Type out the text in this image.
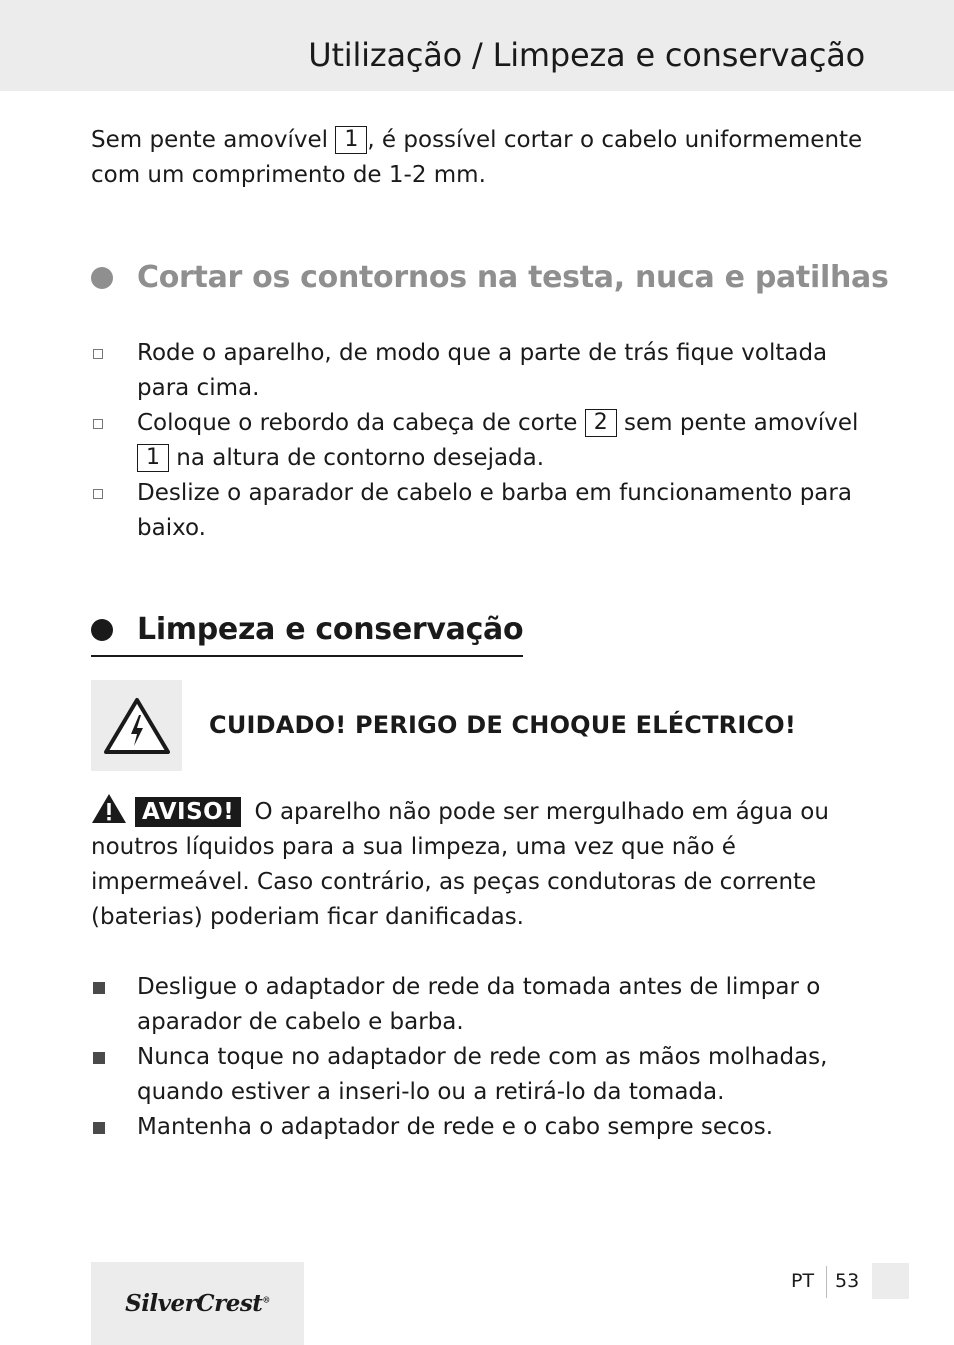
Utilização / Limpeza e conservação

Sem pente amovível 1 , é possível cortar o cabelo uniformemente com um comprimento de 1-2 mm.

Cortar os contornos na testa, nuca e patilhas
Rode o aparelho, de modo que a parte de trás fique voltada para cima.
Coloque o rebordo da cabeça de corte 2 sem pente amovível 1 na altura de contorno desejada.
Deslize o aparador de cabelo e barba em funcionamento para baixo.
Limpeza e conservação
CUIDADO! PERIGO DE CHOQUE ELÉCTRICO!

AVISO! O aparelho não pode ser mergulhado em água ou noutros líquidos para a sua limpeza, uma vez que não é impermeável. Caso contrário, as peças condutoras de corrente (baterias) poderiam ficar danificadas.

Desligue o adaptador de rede da tomada antes de limpar o aparador de cabelo e barba.
Nunca toque no adaptador de rede com as mãos molhadas, quando estiver a inseri-lo ou a retirá-lo da tomada.
Mantenha o adaptador de rede e o cabo sempre secos.
SilverCrest®
PT 53
